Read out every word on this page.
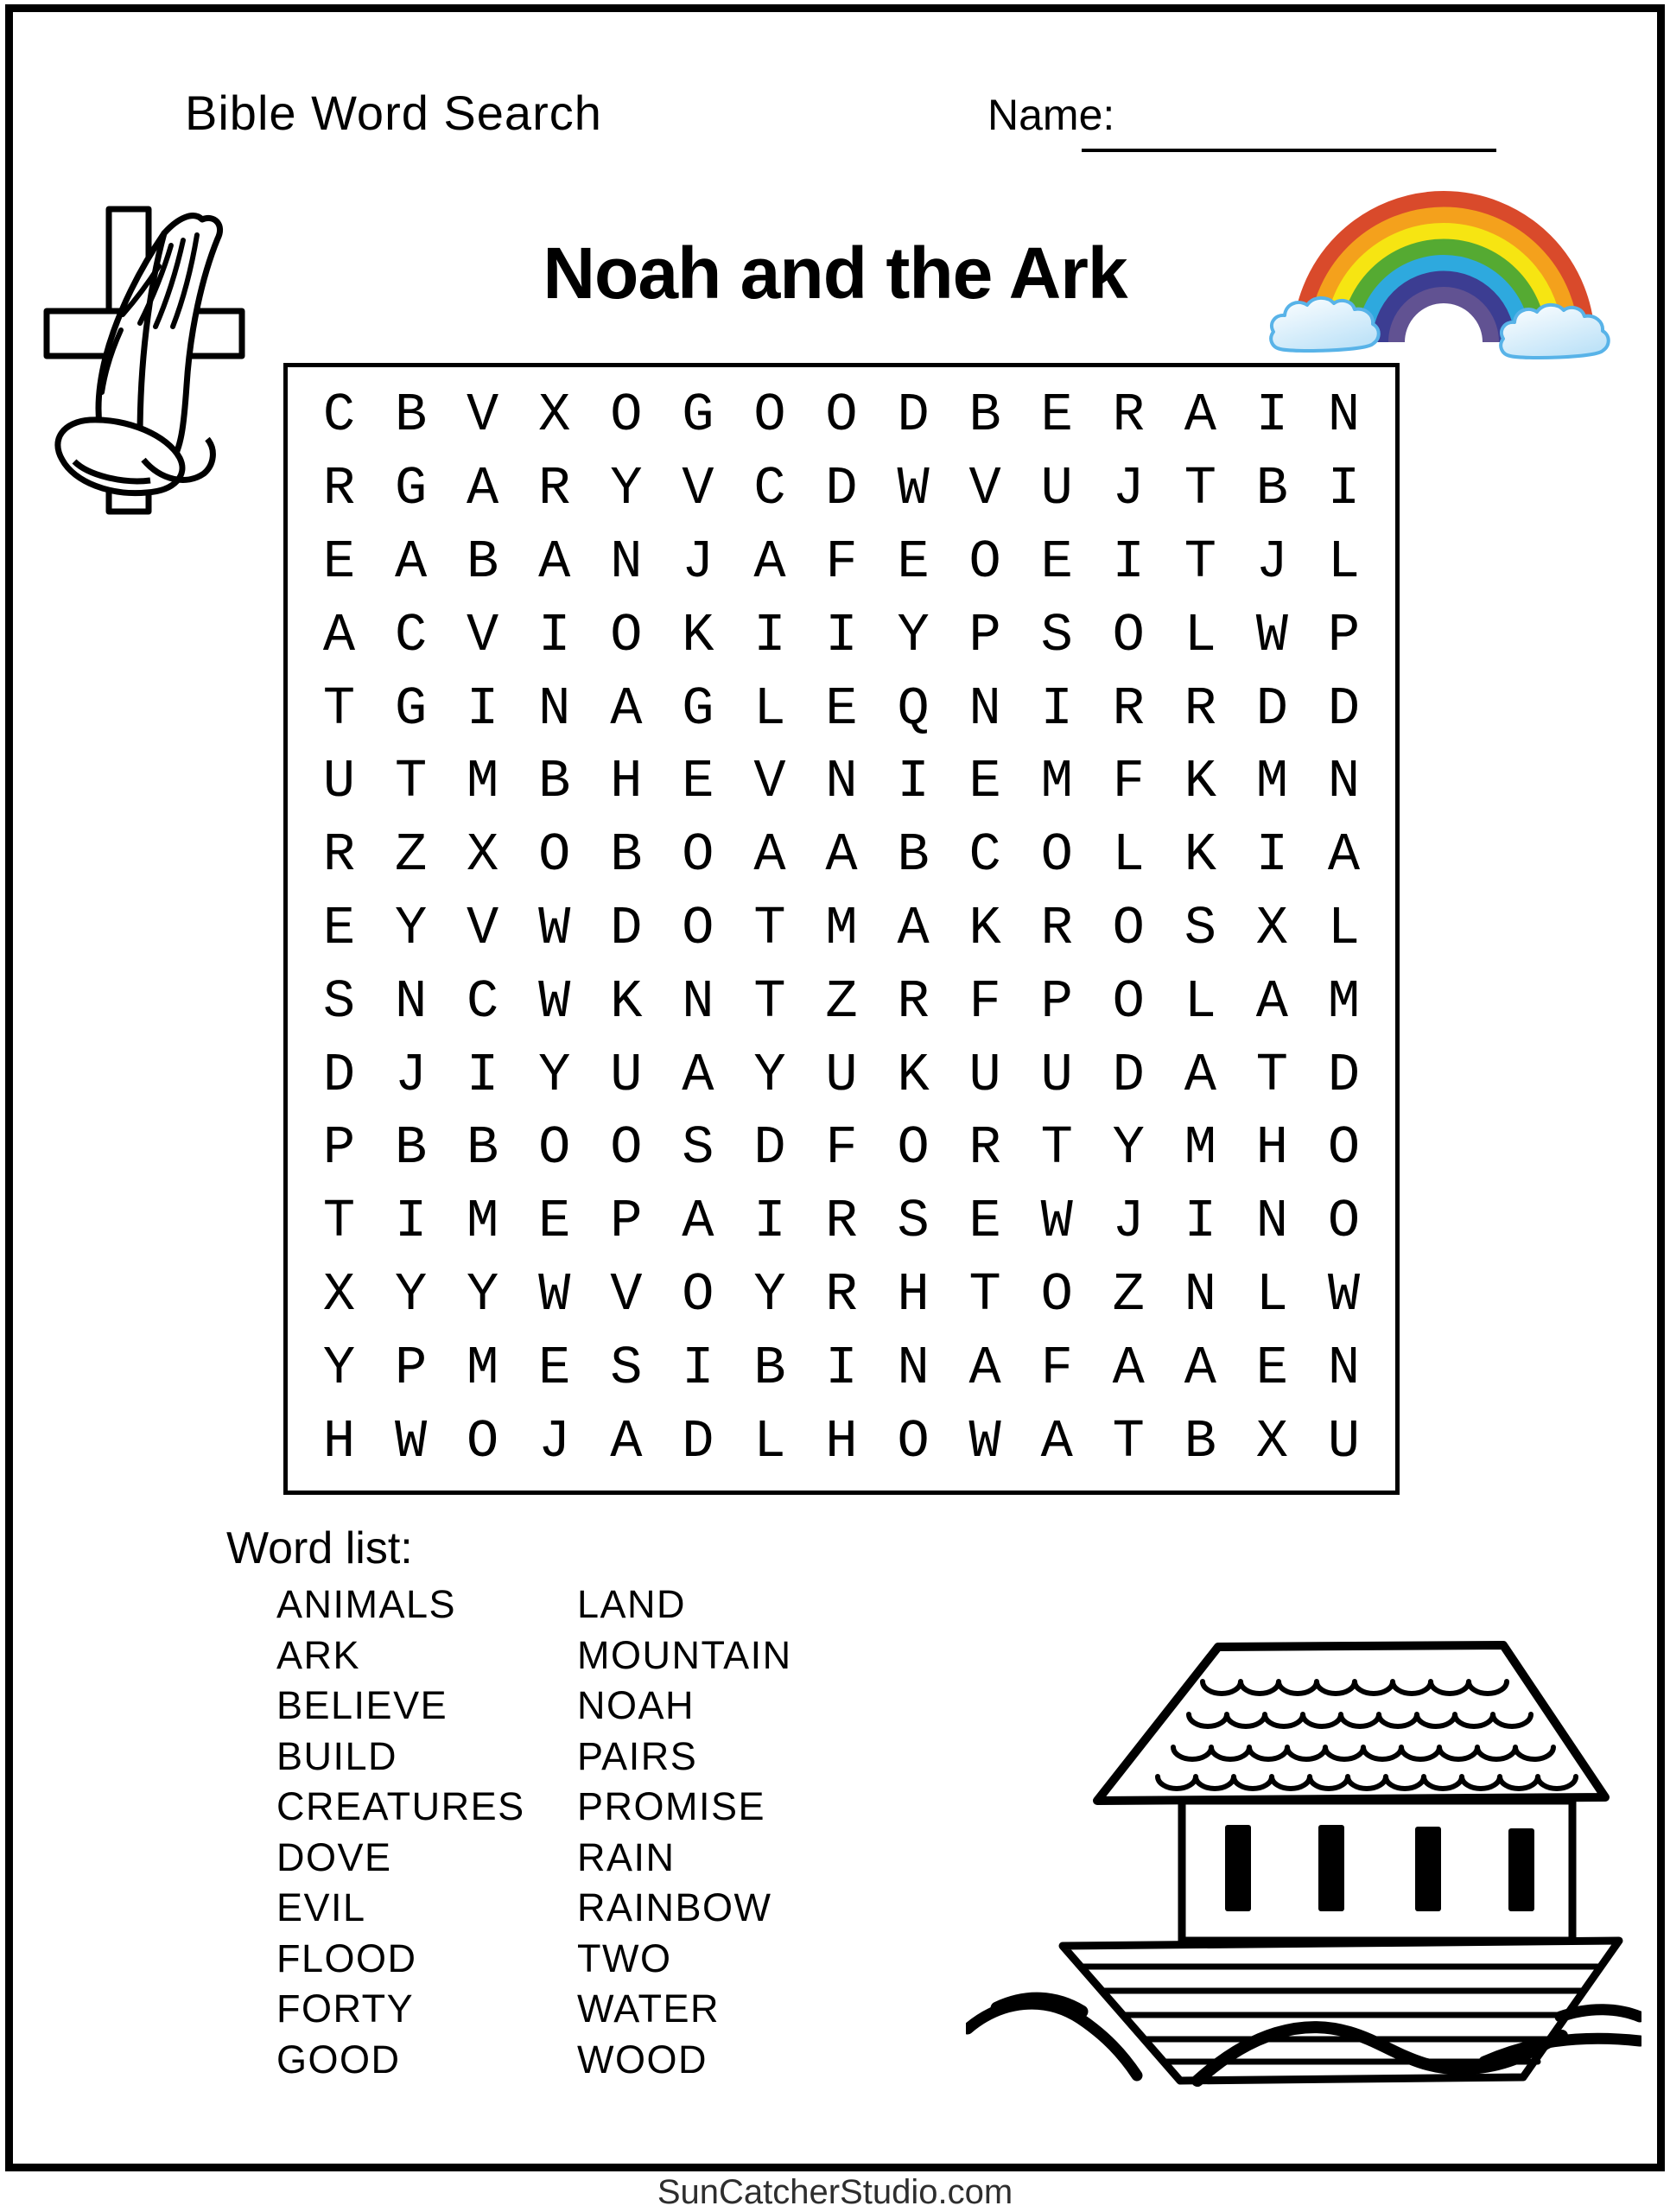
Bible Word Search	Name:
Noah and the Ark
C B V X O G O O D B E R A I N
R G A R Y V C D W V U J T B I
E A B A N J A F E O E I T J L
A C V I O K I I Y P S O L W P
T G I N A G L E Q N I R R D D
U T M B H E V N I E M F K M N
R Z X O B O A A B C O L K I A
E Y V W D O T M A K R O S X L
S N C W K N T Z R F P O L A M
D J I Y U A Y U K U U D A T D
P B B O O S D F O R T Y M H O
T I M E P A I R S E W J I N O
X Y Y W V O Y R H T O Z N L W
Y P M E S I B I N A F A A E N
H W O J A D L H O W A T B X U
Word list:
ANIMALS
ARK
BELIEVE
BUILD
CREATURES
DOVE
EVIL
FLOOD
FORTY
GOOD
LAND
MOUNTAIN
NOAH
PAIRS
PROMISE
RAIN
RAINBOW
TWO
WATER
WOOD
SunCatcherStudio.com
